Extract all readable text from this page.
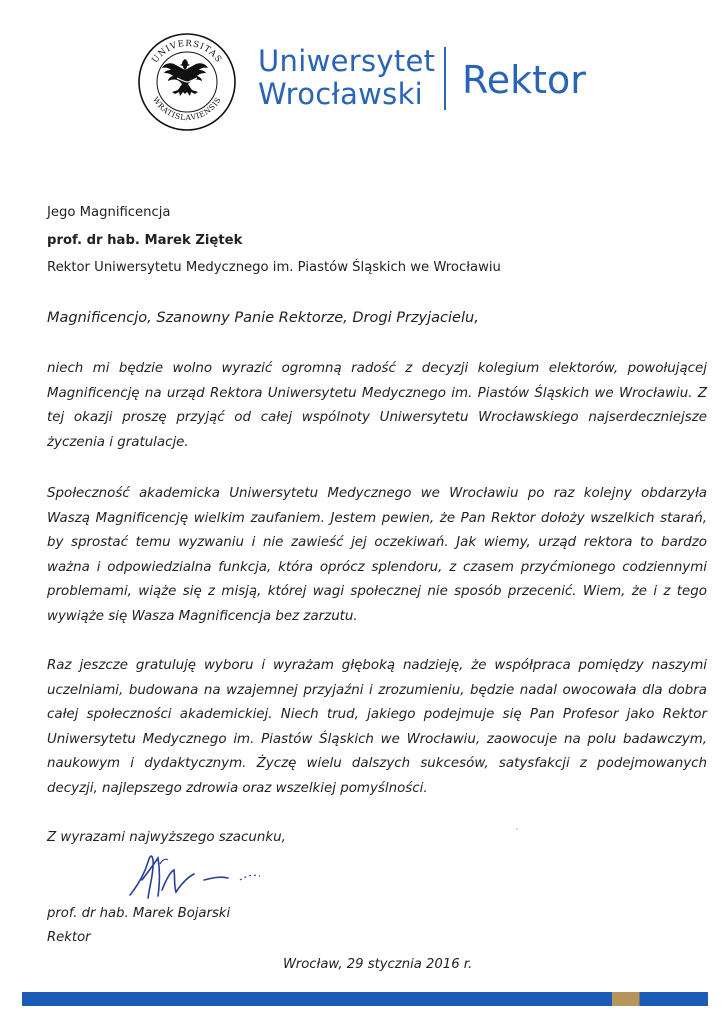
UNIVERSITAS
WRATISLAVIENSIS
Uniwersytet
Wrocławski	Rektor
Jego Magnificencja
prof. dr hab. Marek Ziętek
Rektor Uniwersytetu Medycznego im. Piastów Śląskich we Wrocławiu
Magnificencjo, Szanowny Panie Rektorze, Drogi Przyjacielu,

niech mi będzie wolno wyrazić ogromną radość z decyzji kolegium elektorów, powołującej Magnificencję na urząd Rektora Uniwersytetu Medycznego im. Piastów Śląskich we Wrocławiu. Z tej okazji proszę przyjąć od całej wspólnoty Uniwersytetu Wrocławskiego najserdeczniejsze życzenia i gratulacje.

Społeczność akademicka Uniwersytetu Medycznego we Wrocławiu po raz kolejny obdarzyła Waszą Magnificencję wielkim zaufaniem. Jestem pewien, że Pan Rektor dołoży wszelkich starań, by sprostać temu wyzwaniu i nie zawieść jej oczekiwań. Jak wiemy, urząd rektora to bardzo ważna i odpowiedzialna funkcja, która oprócz splendoru, z czasem przyćmionego codziennymi problemami, wiąże się z misją, której wagi społecznej nie sposób przecenić. Wiem, że i z tego wywiąże się Wasza Magnificencja bez zarzutu.

Raz jeszcze gratuluję wyboru i wyrażam głęboką nadzieję, że współpraca pomiędzy naszymi uczelniami, budowana na wzajemnej przyjaźni i zrozumieniu, będzie nadal owocowała dla dobra całej społeczności akademickiej. Niech trud, jakiego podejmuje się Pan Profesor jako Rektor Uniwersytetu Medycznego im. Piastów Śląskich we Wrocławiu, zaowocuje na polu badawczym, naukowym i dydaktycznym. Życzę wielu dalszych sukcesów, satysfakcji z podejmowanych decyzji, najlepszego zdrowia oraz wszelkiej pomyślności.

Z wyrazami najwyższego szacunku,
prof. dr hab. Marek Bojarski
Rektor
Wrocław, 29 stycznia 2016 r.
